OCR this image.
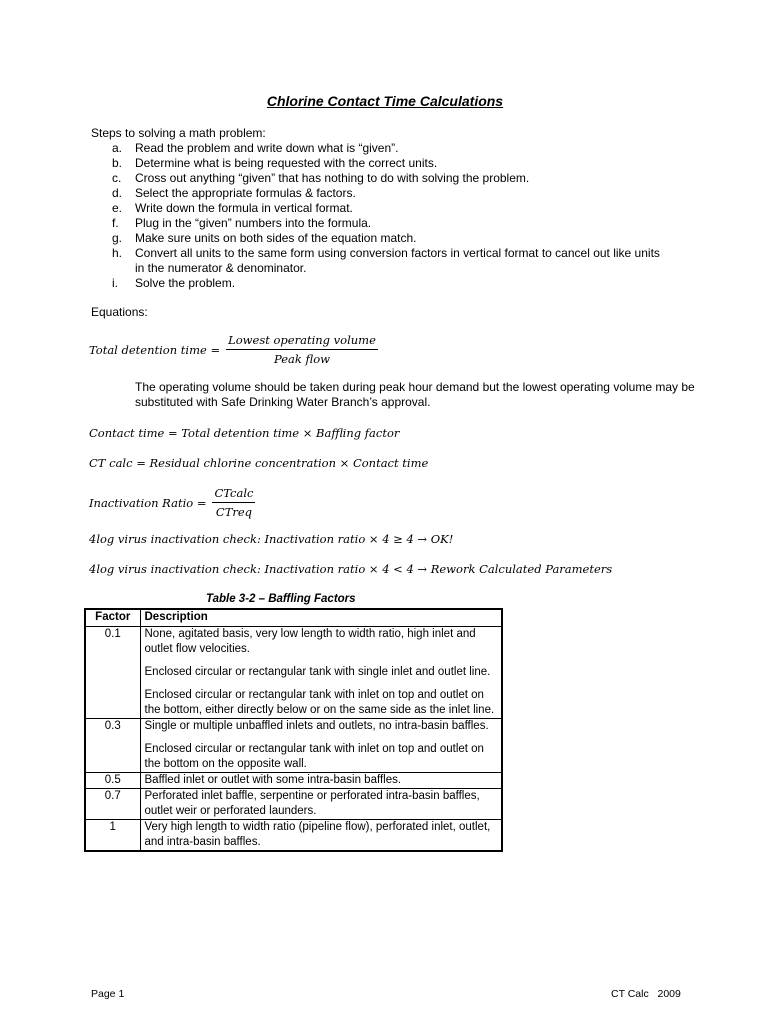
Chlorine Contact Time Calculations
Steps to solving a math problem:
a.	Read the problem and write down what is “given”.
b.	Determine what is being requested with the correct units.
c.	Cross out anything “given” that has nothing to do with solving the problem.
d.	Select the appropriate formulas & factors.
e.	Write down the formula in vertical format.
f.	Plug in the “given” numbers into the formula.
g.	Make sure units on both sides of the equation match.
h.	Convert all units to the same form using conversion factors in vertical format to cancel out like units in the numerator & denominator.
i.	Solve the problem.
Equations:
Total detention time = $\frac{\text{Lowest operating volume}}{\text{Peak flow}}$
The operating volume should be taken during peak hour demand but the lowest operating volume may be substituted with Safe Drinking Water Branch’s approval.
Contact time = Total detention time × Baffling factor
CT calc = Residual chlorine concentration × Contact time
Inactivation Ratio = $\frac{\text{CTcalc}}{\text{CTreq}}$
4log virus inactivation check: Inactivation ratio × 4 ≥ 4 → OK!
4log virus inactivation check: Inactivation ratio × 4 < 4 → Rework Calculated Parameters
Table 3-2 – Baffling Factors
Factor	Description
0.1	None, agitated basis, very low length to width ratio, high inlet and outlet flow velocities.

Enclosed circular or rectangular tank with single inlet and outlet line.

Enclosed circular or rectangular tank with inlet on top and outlet on the bottom, either directly below or on the same side as the inlet line.

0.3	Single or multiple unbaffled inlets and outlets, no intra-basin baffles.

Enclosed circular or rectangular tank with inlet on top and outlet on the bottom on the opposite wall.

0.5	Baffled inlet or outlet with some intra-basin baffles.

0.7	Perforated inlet baffle, serpentine or perforated intra-basin baffles, outlet weir or perforated launders.

1	Very high length to width ratio (pipeline flow), perforated inlet, outlet, and intra-basin baffles.

Page 1	CT Calc   2009
